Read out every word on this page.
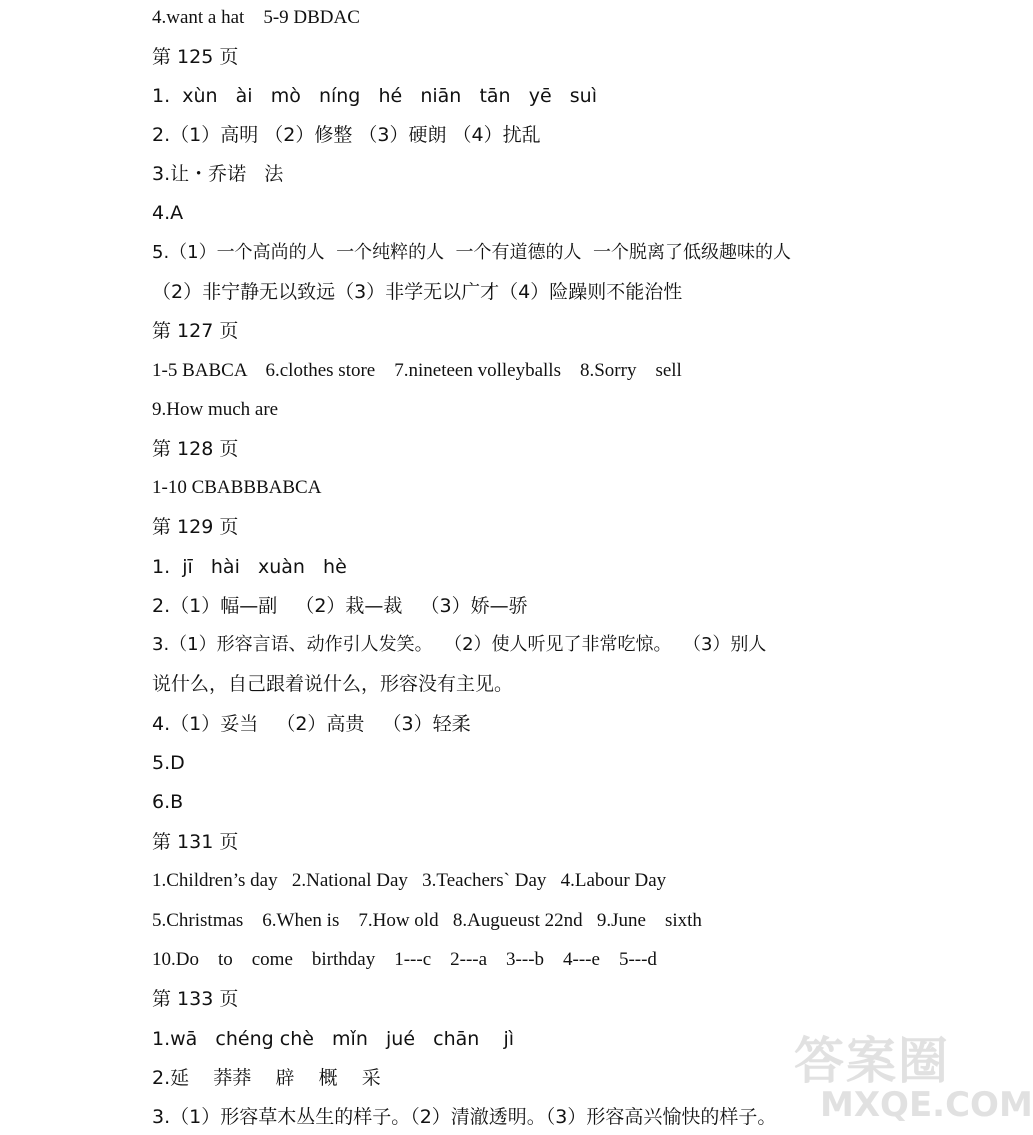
4.want a hat    5-9 DBDAC
第 125 页
1.  xùn   ài   mò   níng   hé   niān   tān   yē   suì
2.（1）高明 （2）修整 （3）硬朗 （4）扰乱
3.让・乔诺   法
4.A
5.（1）一个高尚的人  一个纯粹的人  一个有道德的人  一个脱离了低级趣味的人
（2）非宁静无以致远（3）非学无以广才（4）险躁则不能治性
第 127 页
1-5 BABCA    6.clothes store    7.nineteen volleyballs    8.Sorry    sell
9.How much are
第 128 页
1-10 CBABBBABCA
第 129 页
1.  jī   hài   xuàn   hè
2.（1）幅—副   （2）栽—裁   （3）娇—骄
3.（1）形容言语、动作引人发笑。  （2）使人听见了非常吃惊。  （3）别人
说什么，自己跟着说什么，形容没有主见。
4.（1）妥当   （2）高贵   （3）轻柔
5.D
6.B
第 131 页
1.Children’s day   2.National Day   3.Teachers` Day   4.Labour Day
5.Christmas    6.When is    7.How old   8.Augueust 22nd   9.June    sixth
10.Do    to    come    birthday    1---c    2---a    3---b    4---e    5---d
第 133 页
1.wā   chéng chè   mǐn   jué   chān    jì
2.延    莽莽    辟    概    采
3.（1）形容草木丛生的样子。（2）清澈透明。（3）形容高兴愉快的样子。
答案圈
MXQE.COM
